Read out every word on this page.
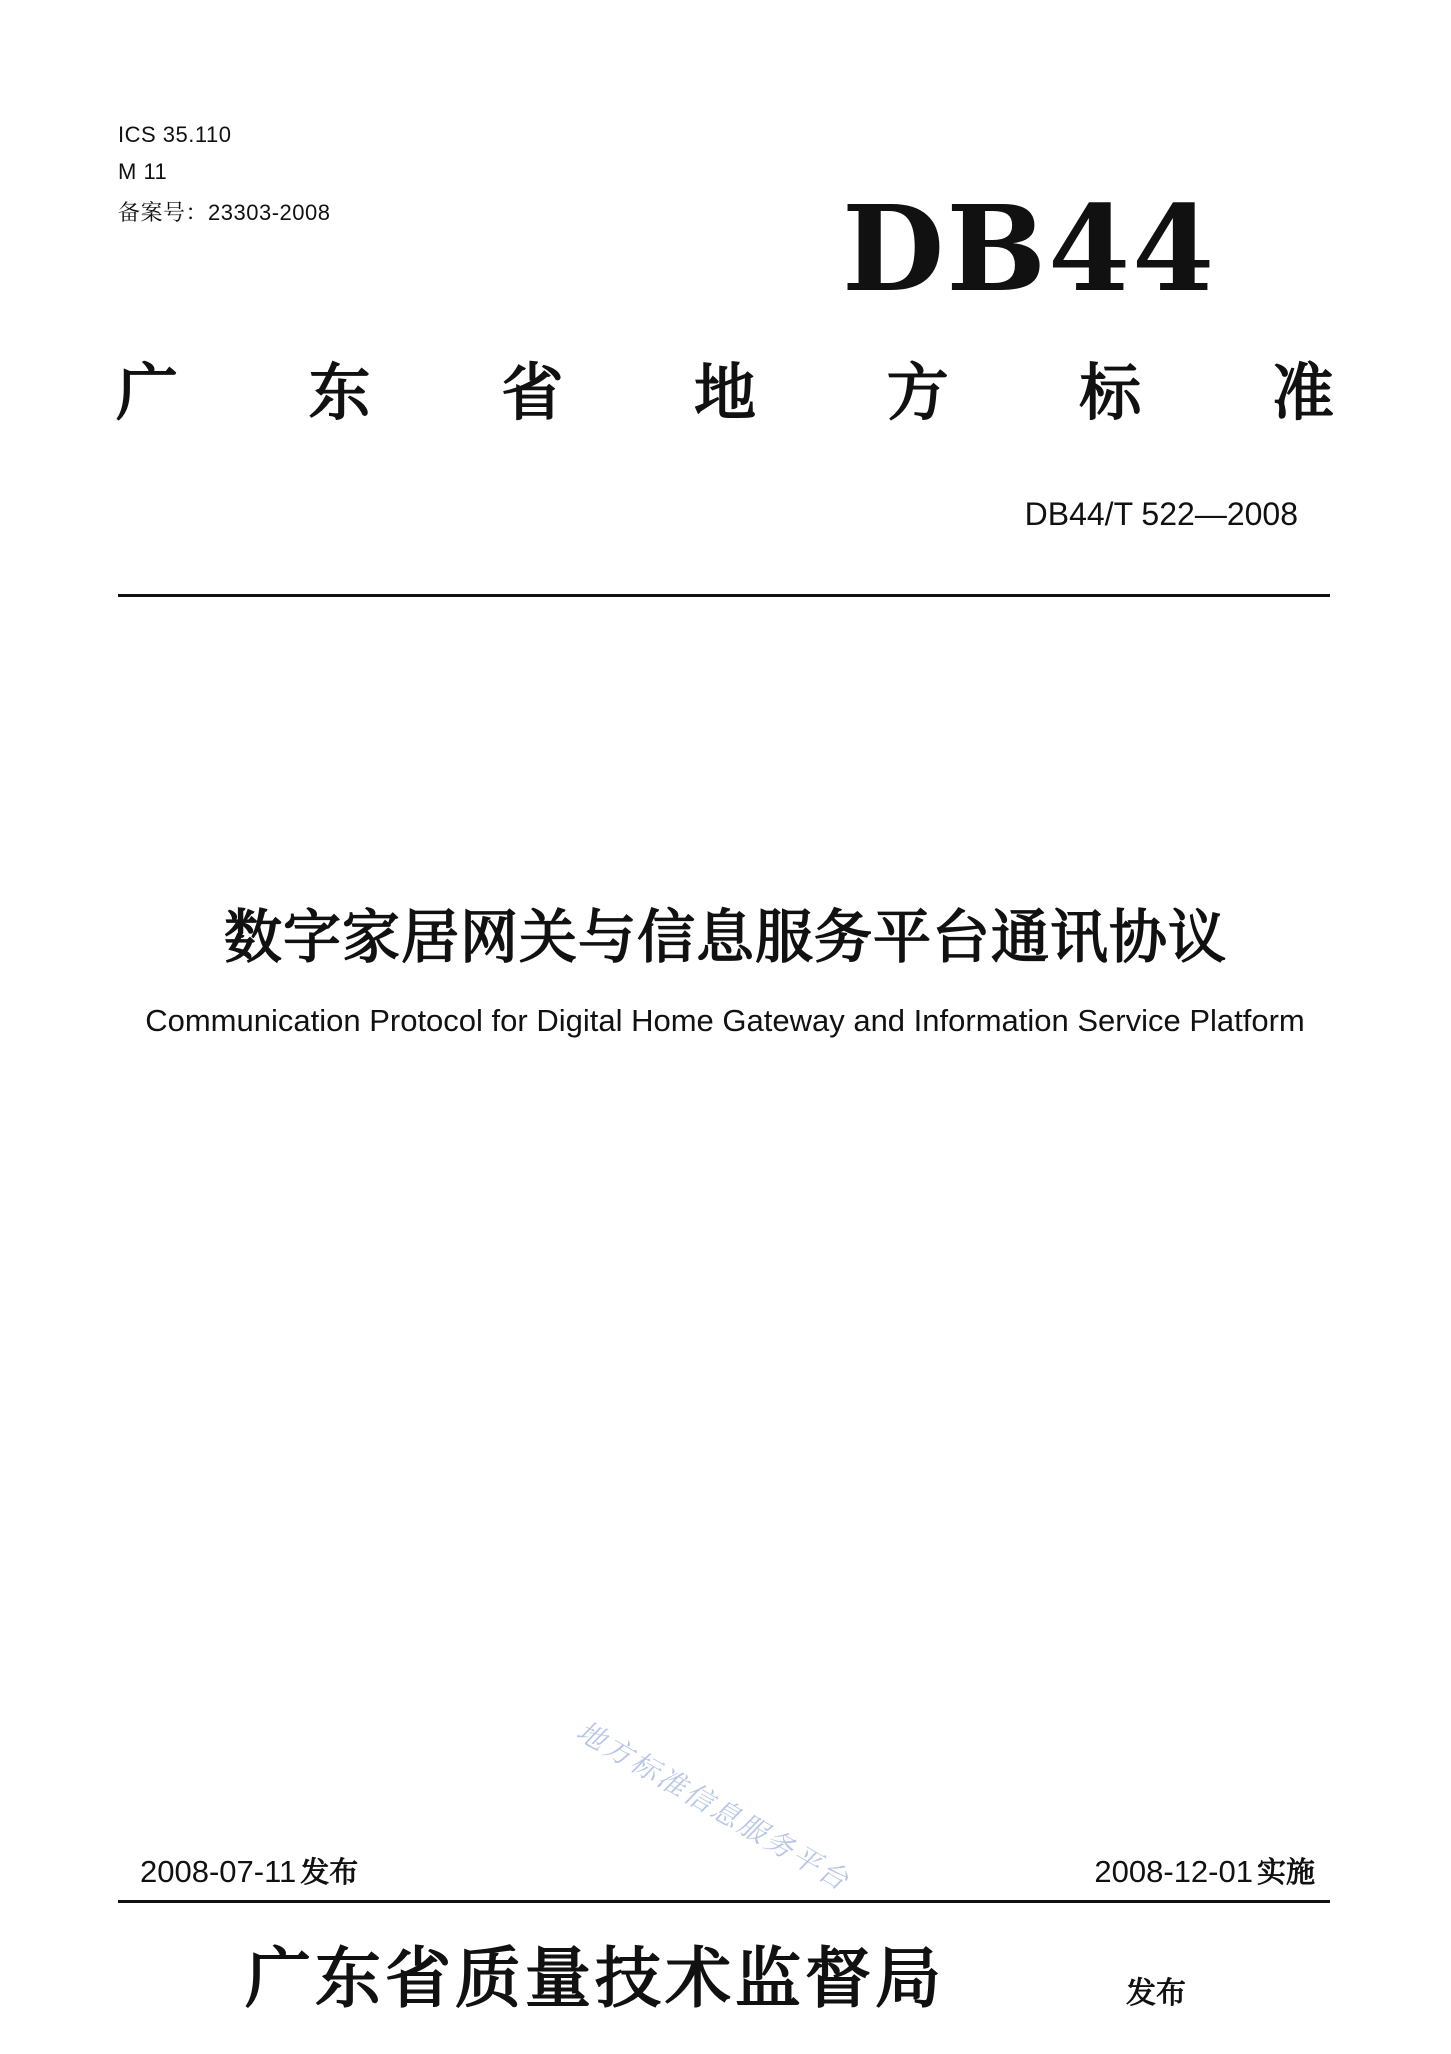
ICS 35.110
M 11
备案号：23303-2008	DB44
广 东 省 地 方 标 准
DB44/T 522—2008
数字家居网关与信息服务平台通讯协议
Communication Protocol for Digital Home Gateway and Information Service Platform
地方标准信息服务平台
2008-07-11 发布	2008-12-01 实施
广东省质量技术监督局	发布
